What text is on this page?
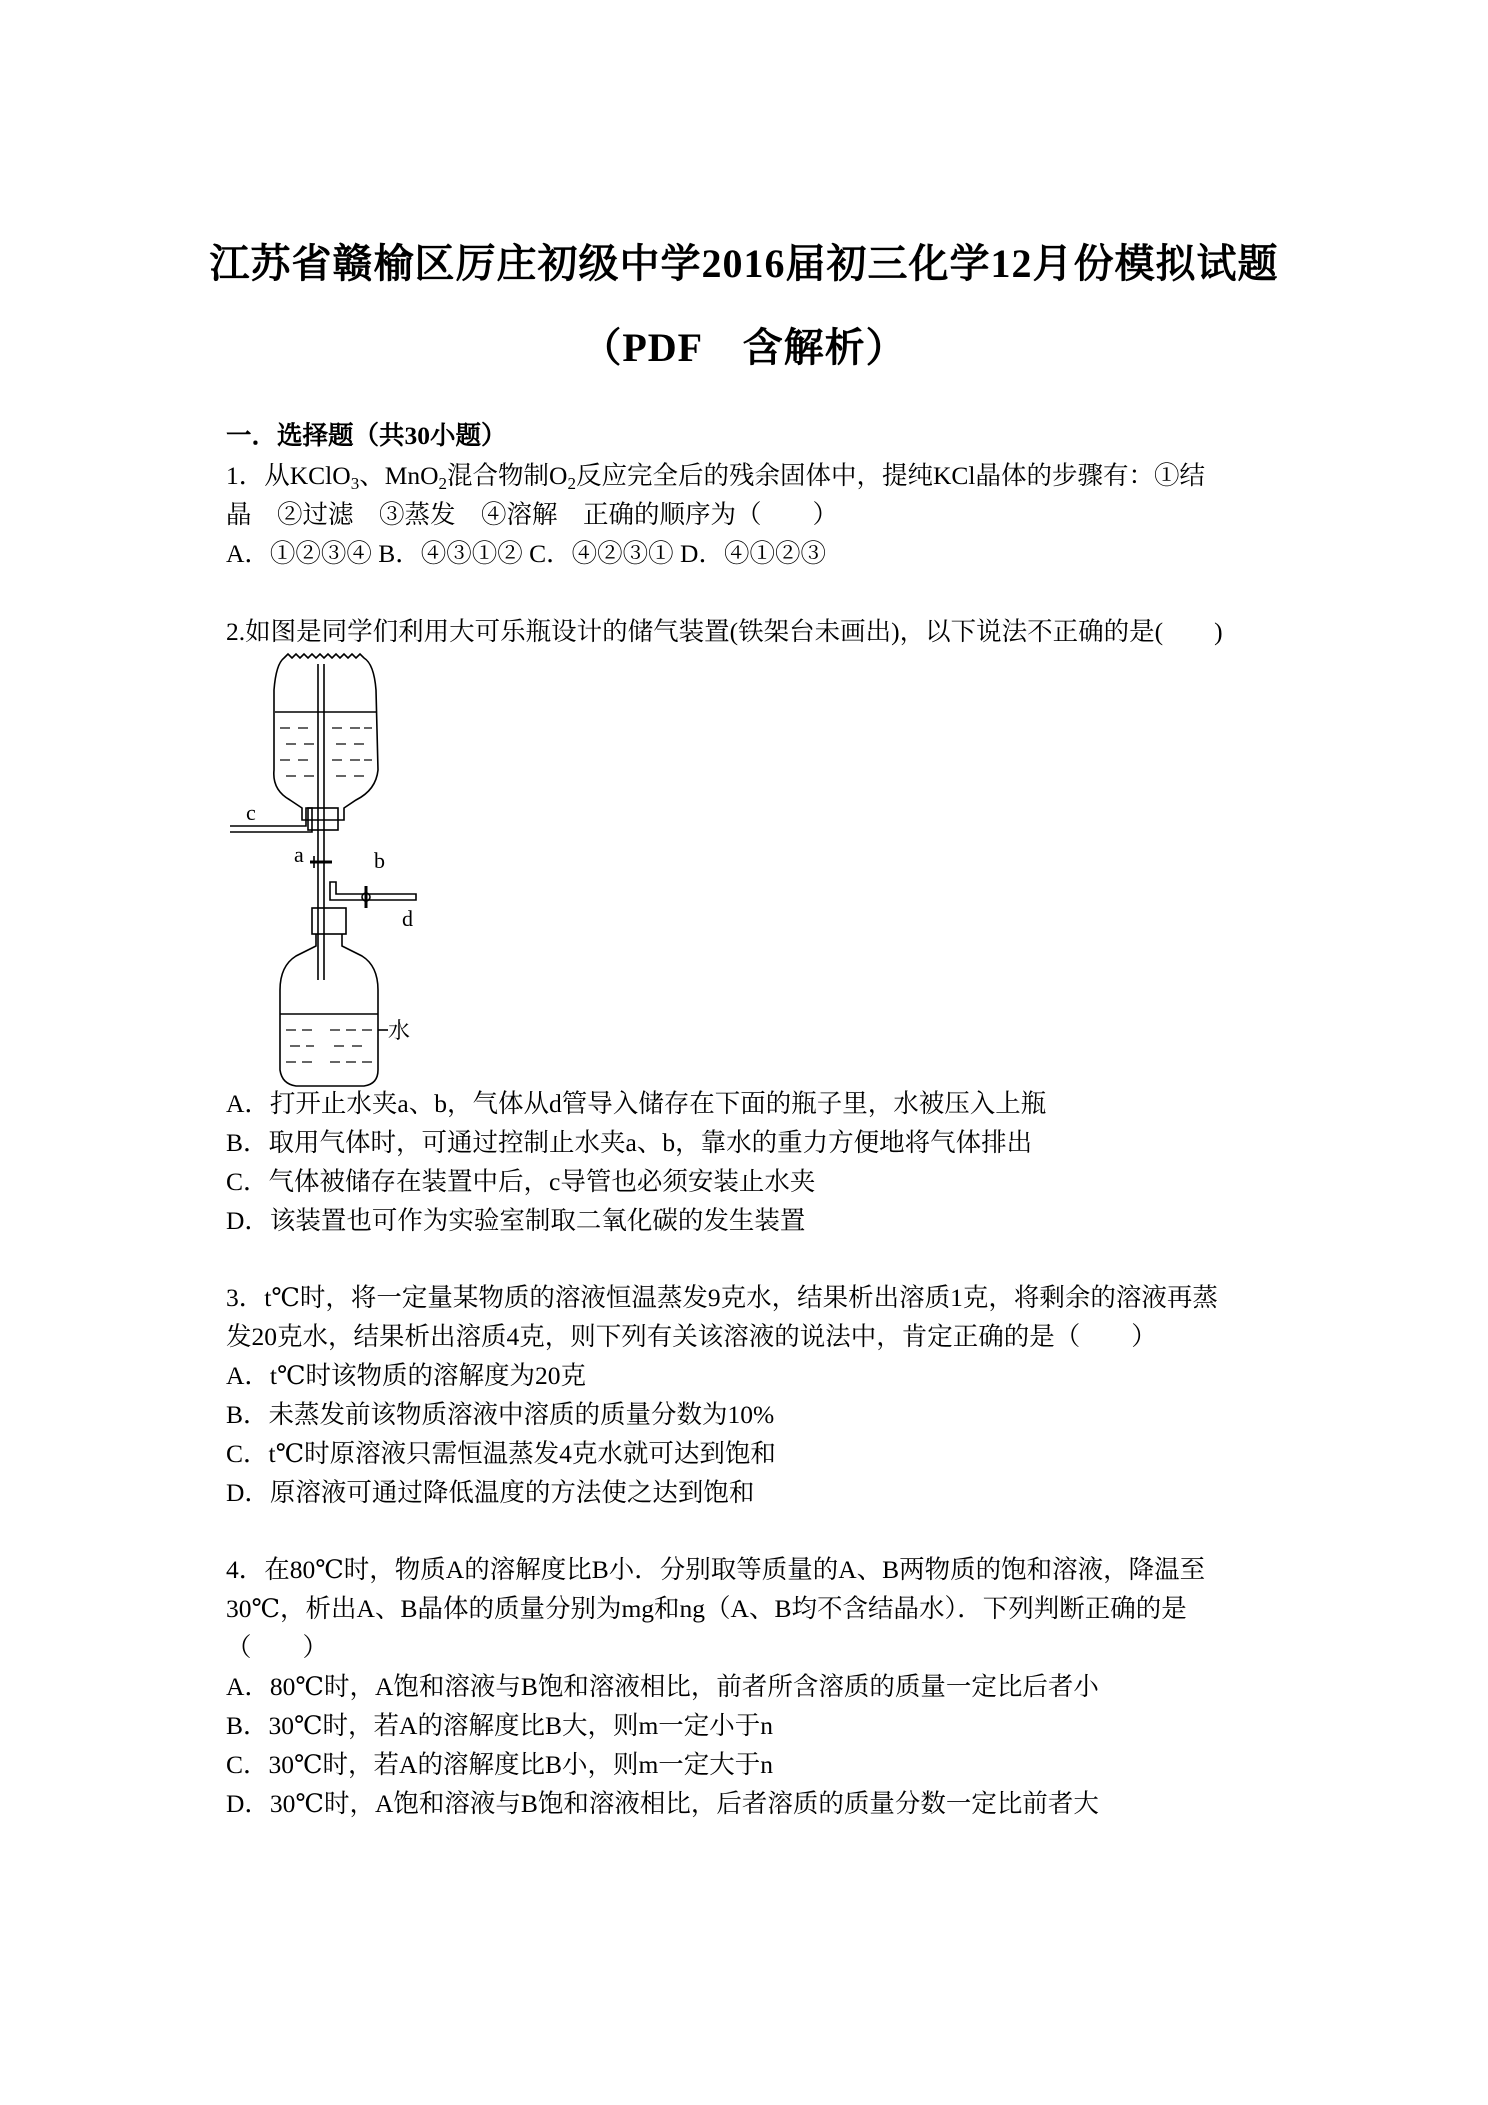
江苏省赣榆区厉庄初级中学2016届初三化学12月份模拟试题
（PDF　含解析）
一．选择题（共30小题）
1．从KClO$_3$、MnO$_2$混合物制$O_2$反应完全后的残余固体中，提纯KCl晶体的步骤有：①结
晶　②过滤　③蒸发　④溶解　正确的顺序为（　　）
A．①②③④ B．④③①② C．④②③① D．④①②③
2.如图是同学们利用大可乐瓶设计的储气装置(铁架台未画出)，以下说法不正确的是(　　)
c
a	b
d
水
A．打开止水夹a、b，气体从d管导入储存在下面的瓶子里，水被压入上瓶
B．取用气体时，可通过控制止水夹a、b，靠水的重力方便地将气体排出
C．气体被储存在装置中后，c导管也必须安装止水夹
D．该装置也可作为实验室制取二氧化碳的发生装置
3．t℃时，将一定量某物质的溶液恒温蒸发9克水，结果析出溶质1克，将剩余的溶液再蒸
发20克水，结果析出溶质4克，则下列有关该溶液的说法中，肯定正确的是（　　）
A．t℃时该物质的溶解度为20克
B．未蒸发前该物质溶液中溶质的质量分数为10%
C．t℃时原溶液只需恒温蒸发4克水就可达到饱和
D．原溶液可通过降低温度的方法使之达到饱和
4．在80℃时，物质A的溶解度比B小．分别取等质量的A、B两物质的饱和溶液，降温至
30℃，析出A、B晶体的质量分别为mg和ng（A、B均不含结晶水）．下列判断正确的是
（　　）
A．80℃时，A饱和溶液与B饱和溶液相比，前者所含溶质的质量一定比后者小
B．30℃时，若A的溶解度比B大，则m一定小于n
C．30℃时，若A的溶解度比B小，则m一定大于n
D．30℃时，A饱和溶液与B饱和溶液相比，后者溶质的质量分数一定比前者大
